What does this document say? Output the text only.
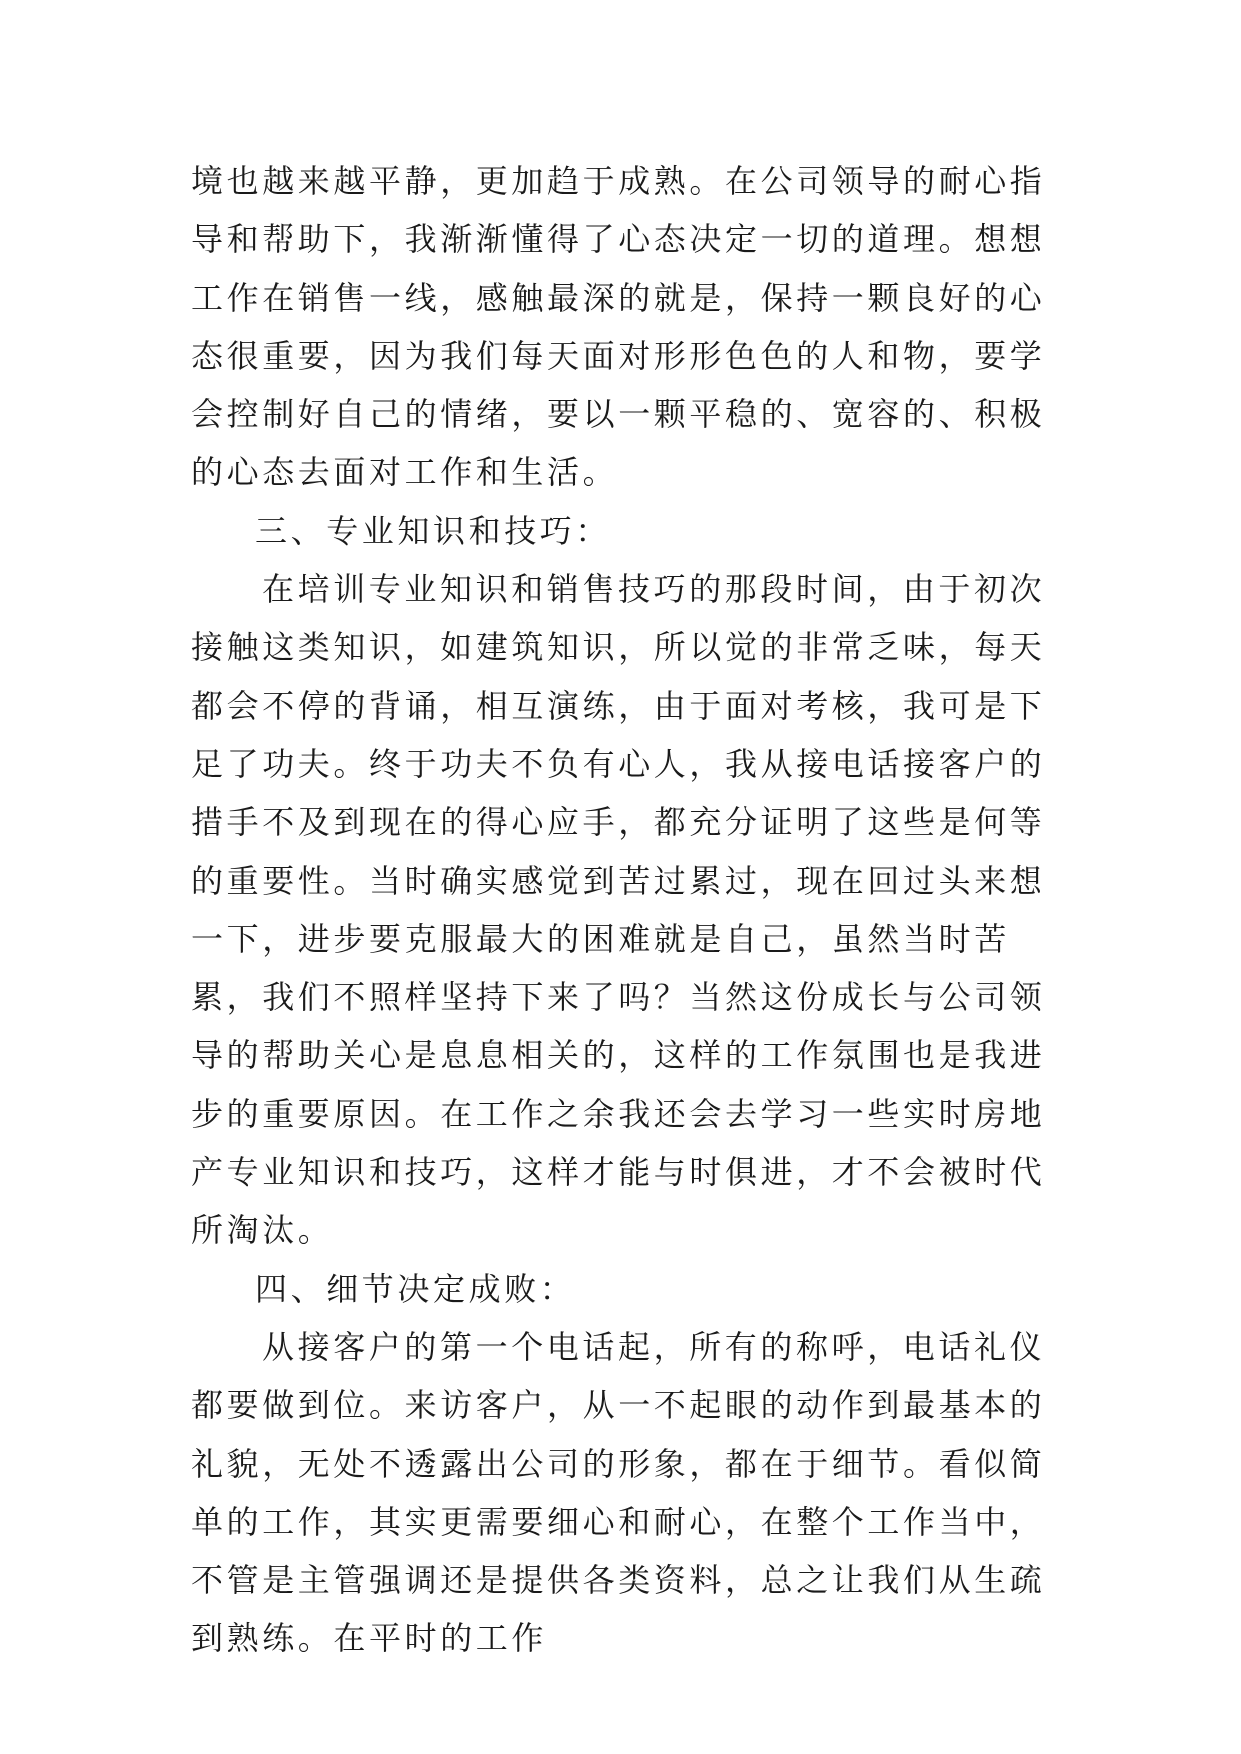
境也越来越平静，更加趋于成熟。在公司领导的耐心指导和帮助下，我渐渐懂得了心态决定一切的道理。想想工作在销售一线，感触最深的就是，保持一颗良好的心态很重要，因为我们每天面对形形色色的人和物，要学会控制好自己的情绪，要以一颗平稳的、宽容的、积极的心态去面对工作和生活。

三、专业知识和技巧：

在培训专业知识和销售技巧的那段时间，由于初次接触这类知识，如建筑知识，所以觉的非常乏味，每天都会不停的背诵，相互演练，由于面对考核，我可是下足了功夫。终于功夫不负有心人，我从接电话接客户的措手不及到现在的得心应手，都充分证明了这些是何等的重要性。当时确实感觉到苦过累过，现在回过头来想一下，进步要克服最大的困难就是自己，虽然当时苦累，我们不照样坚持下来了吗？当然这份成长与公司领导的帮助关心是息息相关的，这样的工作氛围也是我进步的重要原因。在工作之余我还会去学习一些实时房地产专业知识和技巧，这样才能与时俱进，才不会被时代所淘汰。

四、细节决定成败：

从接客户的第一个电话起，所有的称呼，电话礼仪都要做到位。来访客户，从一不起眼的动作到最基本的礼貌，无处不透露出公司的形象，都在于细节。看似简单的工作，其实更需要细心和耐心，在整个工作当中，不管是主管强调还是提供各类资料，总之让我们从生疏到熟练。在平时的工作
